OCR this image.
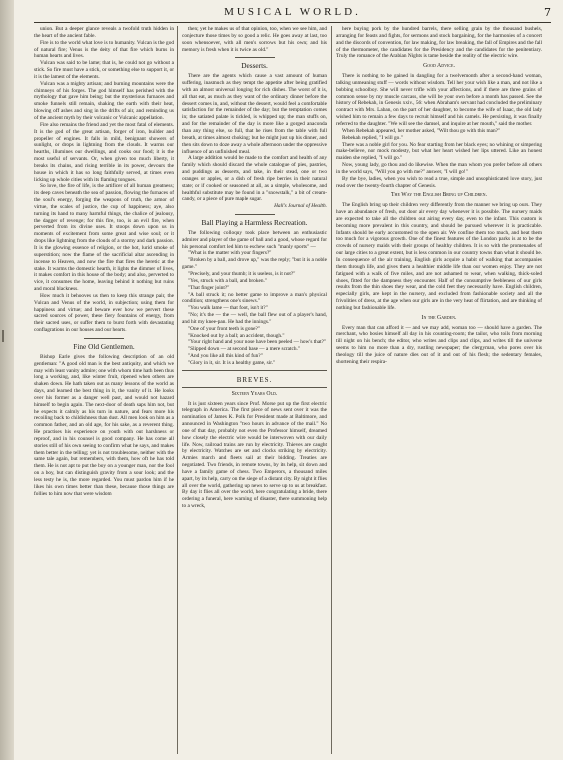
MUSICAL WORLD.	7

union. But a deeper glance reveals a twofold truth hidden in the heart of the ancient fable.

Fire is to the world what love is to humanity. Vulcan is the god of natural fire; Venus is the deity of that fire which burns in human hearts and lives.

Vulcan was said to be lame; that is, he could not go without a stick. So fire must have a stick, or something else to support it, or it is the lamest of the elements.

Vulcan was a mighty artisan; and burning mountains were the chimneys of his forges. The god himself has perished with the mythology that gave him being; but the mysterious furnaces and smoke funnels still remain, shaking the earth with their heat, blowing off ashes and sing in the drifts of air, and reminding us of the ancient myth by their volcanic or Vulcanic appellation.

Fire also remains the friend and yet the most fatal of elements. It is the god of the great artisan, forger of iron, builder and propeller of engines. It falls in mild, benignant showers of sunlight, or drops in lightning from the clouds. It warms our hearths, illumines our dwellings, and cooks our food; it is the most useful of servants. Or, when given too much liberty, it breaks its chains, and rising terrible in its power, devours the house in which it has so long faithfully served, at times even licking up whole cities with its flaming tongues.

So love, the fire of life, is the artificer of all human greatness; its deep caves beneath the sea of passion, flowing the furnaces of the soul's energy, forging the weapons of truth, the armor of virtue, the scales of justice, the cup of happiness; aye, also turning its hand to many harmful things, the chalice of jealousy, the dagger of revenge; for this fire, too, is an evil fire, when perverted from its divine uses. It stoops down upon us in moments of excitement from some great and wise soul; or it drops like lightning from the clouds of a stormy and dark passion. It is the glowing essence of religion, or the hot, lurid smoke of superstition; now the flame of the sacrificial altar ascending in incense to Heaven, and now the fire that fires the heretic at the stake. It warms the domestic hearth, it lights the dimmer of lives, it makes comfort in this house of the body; and also, perverted to vice, it consumes the home, leaving behind it nothing but ruins and moral blackness.

How much it behooves us then to keep this strange pair, the Vulcan and Venus of the world, in subjection; using them for happiness and virtue; and beware ever how we pervert these sacred sources of power, these fiery fountains of energy, from their sacred uses, or suffer them to burst forth with devastating conflagrations in our houses and our hearts.

Fine Old Gentlemen.

Bishop Earle gives the following description of an old gentleman: "A good old man is the best antiquity, and which we may with least vanity admire; one with whom time hath been thus long a working, and, like winter fruit, ripened when others are shaken down. He hath taken out as many lessons of the world as days, and learned the best thing in it, the vanity of it. He looks over his former as a danger well past, and would not hazard himself to begin again. The next-door of death saps him not, but he expects it calmly as his turn in nature, and fears more his recoiling back to childishness than dust. All men look on him as a common father, and an old age, for his sake, as a reverent thing. He practises his experience on youth with out harshness or reproof, and in his counsel is good company. He has come all stories still of his own seeing to confirm what he says, and makes them better in the telling; yet is not troublesome, neither with the same tale again, but remembers, with them, how oft he has told them. He is not apt to put the boy on a younger man, nor the fool on a boy, but can distinguish gravity from a sour look; and the less testy he is, the more regarded. You must pardon him if he likes his own times better than these, because those things are follies to him now that were wisdom

then; yet he makes us of that opinion, too, when we see him, and conjecture those times by so good a relic. He goes away at last, too soon whensoever, with all men's sorrows but his own; and his memory is fresh when it is twice as old."

Desserts.

There are the agents which cause a vast amount of human suffering, inasmuch as they tempt the appetite after being gratified with an almost universal longing for rich dishes. The worst of it is, all that eat, as much as they want of the ordinary dinner before the dessert comes in, and, without the dessert, would feel a comfortable satisfaction for the remainder of the day; but the temptation comes in; the satiated palate is tickled, is whipped up; the man stuffs on, and for the remainder of the day is more like a gorged anaconda than any thing else, so full, that he rises from the table with full breath, at times almost choking; but he might just up his dinner, and then sits down to doze away a whole afternoon under the oppressive influence of an unfinished meal.

A large addition would be made to the comfort and health of any family which should discard the whole catalogue of pies, pastries, and puddings as desserts, and take, in their stead, one or two oranges or apples, or a dish of fresh ripe berries in their natural state; or if cooked or seasoned at all, as a simple, wholesome, and healthful substitute may be found in a "snowstalk," a bit of cream-candy, or a piece of pure maple sugar.

Hall's Journal of Health.
Ball Playing a Harmless Recreation.

The following colloquy took place between an enthusiastic admirer and player of the game of ball and a good, whose regard for his personal comfort led him to eschew such "manly sports" —

"What is the matter with your fingers?"

"Broken by a ball, and drove up," was the reply; "but it is a noble game."

"Precisely, and your thumb; it is useless, is it not?"

"Yes, struck with a ball, and broken."

"That finger joint?"

"A ball struck it; no better game to improve a man's physical condition; strengthens one's sinews."

"You walk lame — that foot, isn't it?"

"No; it's the — the — well, the ball flew out of a player's hand, and hit my knee-pan. He had the innings."

"One of your front teeth is gone?"

"Knocked out by a ball; an accident, though."

"Your right hand and your nose have been peeled — how's that?"

"Slipped down — at second base — a mere scratch."

"And you like all this kind of fun?"

"Glory in it, sir. It is a healthy game, sir."

BREVES.
Sixteen Years Old.

It is just sixteen years since Prof. Morse put up the first electric telegraph in America. The first piece of news sent over it was the nomination of James K. Polk for President made at Baltimore, and announced in Washington "two hours in advance of the mail." No one of that day, probably not even the Professor himself, dreamed how closely the electric wire would be interwoven with our daily life. Now, railroad trains are run by electricity. Thieves are caught by electricity. Watches are set and clocks striking by electricity. Armies march and fleets sail at their bidding. Treaties are negotiated. Two friends, in remote towns, by its help, sit down and have a family game of chess. Two Emperors, a thousand miles apart, by its help, carry on the siege of a distant city. By night it flies all over the world, gathering up news to serve up to us at breakfast. By day it flies all over the world, here congratulating a bride, there ordering a funeral, here warning of disaster, there summoning help to a wreck,

here buying pork by the hundred barrels, there selling grain by the thousand bushels, arranging for feasts and fights, for sermons and stock bargaining, for the harmonies of a concert and the discords of convention, for law making, for law breaking, the fall of Empires and the fall of the thermometer, the candidates for the Presidency and the candidates for the penitentiary. Truly the romance of the Arabian Nights is tame beside the reality of the electric wire.

Good Advice.

There is nothing to be gained in dangling for a twelvemonth after a second-hand woman, talking unmeaning stuff — words without wisdom. Tell her your wish like a man, and not like a bobbing schoolboy. She will never trifle with your affections, and if there are three grains of common sense by my muscle carcass, she will be your own before a month has passed. See the history of Rebekah, in Genesis xxiv., 56: when Abraham's servant had concluded the preliminary contract with Mrs. Laban, on the part of her daughter, to become the wife of Isaac, the old lady wished him to remain a few days to recruit himself and his camels. He persisting, it was finally referred to the daughter. "We will see the damsel, and inquire at her mouth," said the mother.

When Rebekah appeared, her mother asked, "Wilt thou go with this man?"

Rebekah replied, "I will go."

There was a noble girl for you. No fear starting from her black eyes; no whining or simpering make-believe, nor mock modesty, but what her heart wished her lips uttered. Like an honest maiden she replied, "I will go."

Now, young lady, go thou and do likewise. When the man whom you prefer before all others in the world says, "Will you go with me?" answer, "I will go!"

By the bye, ladies, when you wish to read a true, simple and unsophisticated love story, just read over the twenty-fourth chapter of Genesis.

The Way the English Bring up Children.

The English bring up their children very differently from the manner we bring up ours. They have an abundance of fresh, out door air every day whenever it is possible. The nursery maids are expected to take all the children out airing every day, even to the infant. This custom is becoming more prevalent in this country, and should be pursued wherever it is practicable. Infants should be early accustomed to the open air. We confine them too much, and heat them too much for a vigorous growth. One of the finest features of the London parks is at to be the crowds of nursery maids with their groups of healthy children. It is so with the promenades of our large cities to a great extent, but is less common in our country towns than what it should be. In consequence of the air training, English girls acquire a habit of walking that accompanies them through life, and gives them a healthier middle life than our women enjoy. They are not fatigued with a walk of five miles, and are not ashamed to wear, when walking, thick-soled shoes, fitted for the dampness they encounter. Half of the consumptive feebleness of our girls results from the thin shoes they wear, and the cold feet they necessarily have. English children, especially girls, are kept in the nursery, and excluded from fashionable society and all the frivolities of dress, at the age when our girls are in the very heat of flirtation, and are thinking of nothing but fashionable life.

In the Garden.

Every man that can afford it — and we may add, woman too — should have a garden. The merchant, who bosies himself all day in his counting-room; the tailor, who toils from morning till night on his bench; the editor, who writes and clips and clips, and writes till the universe seems to him no more than a dry, rustling newspaper; the clergyman, who pores over his theology till the juice of nature dies out of it and out of his flesh; the sedentary females, shortening their respira-
